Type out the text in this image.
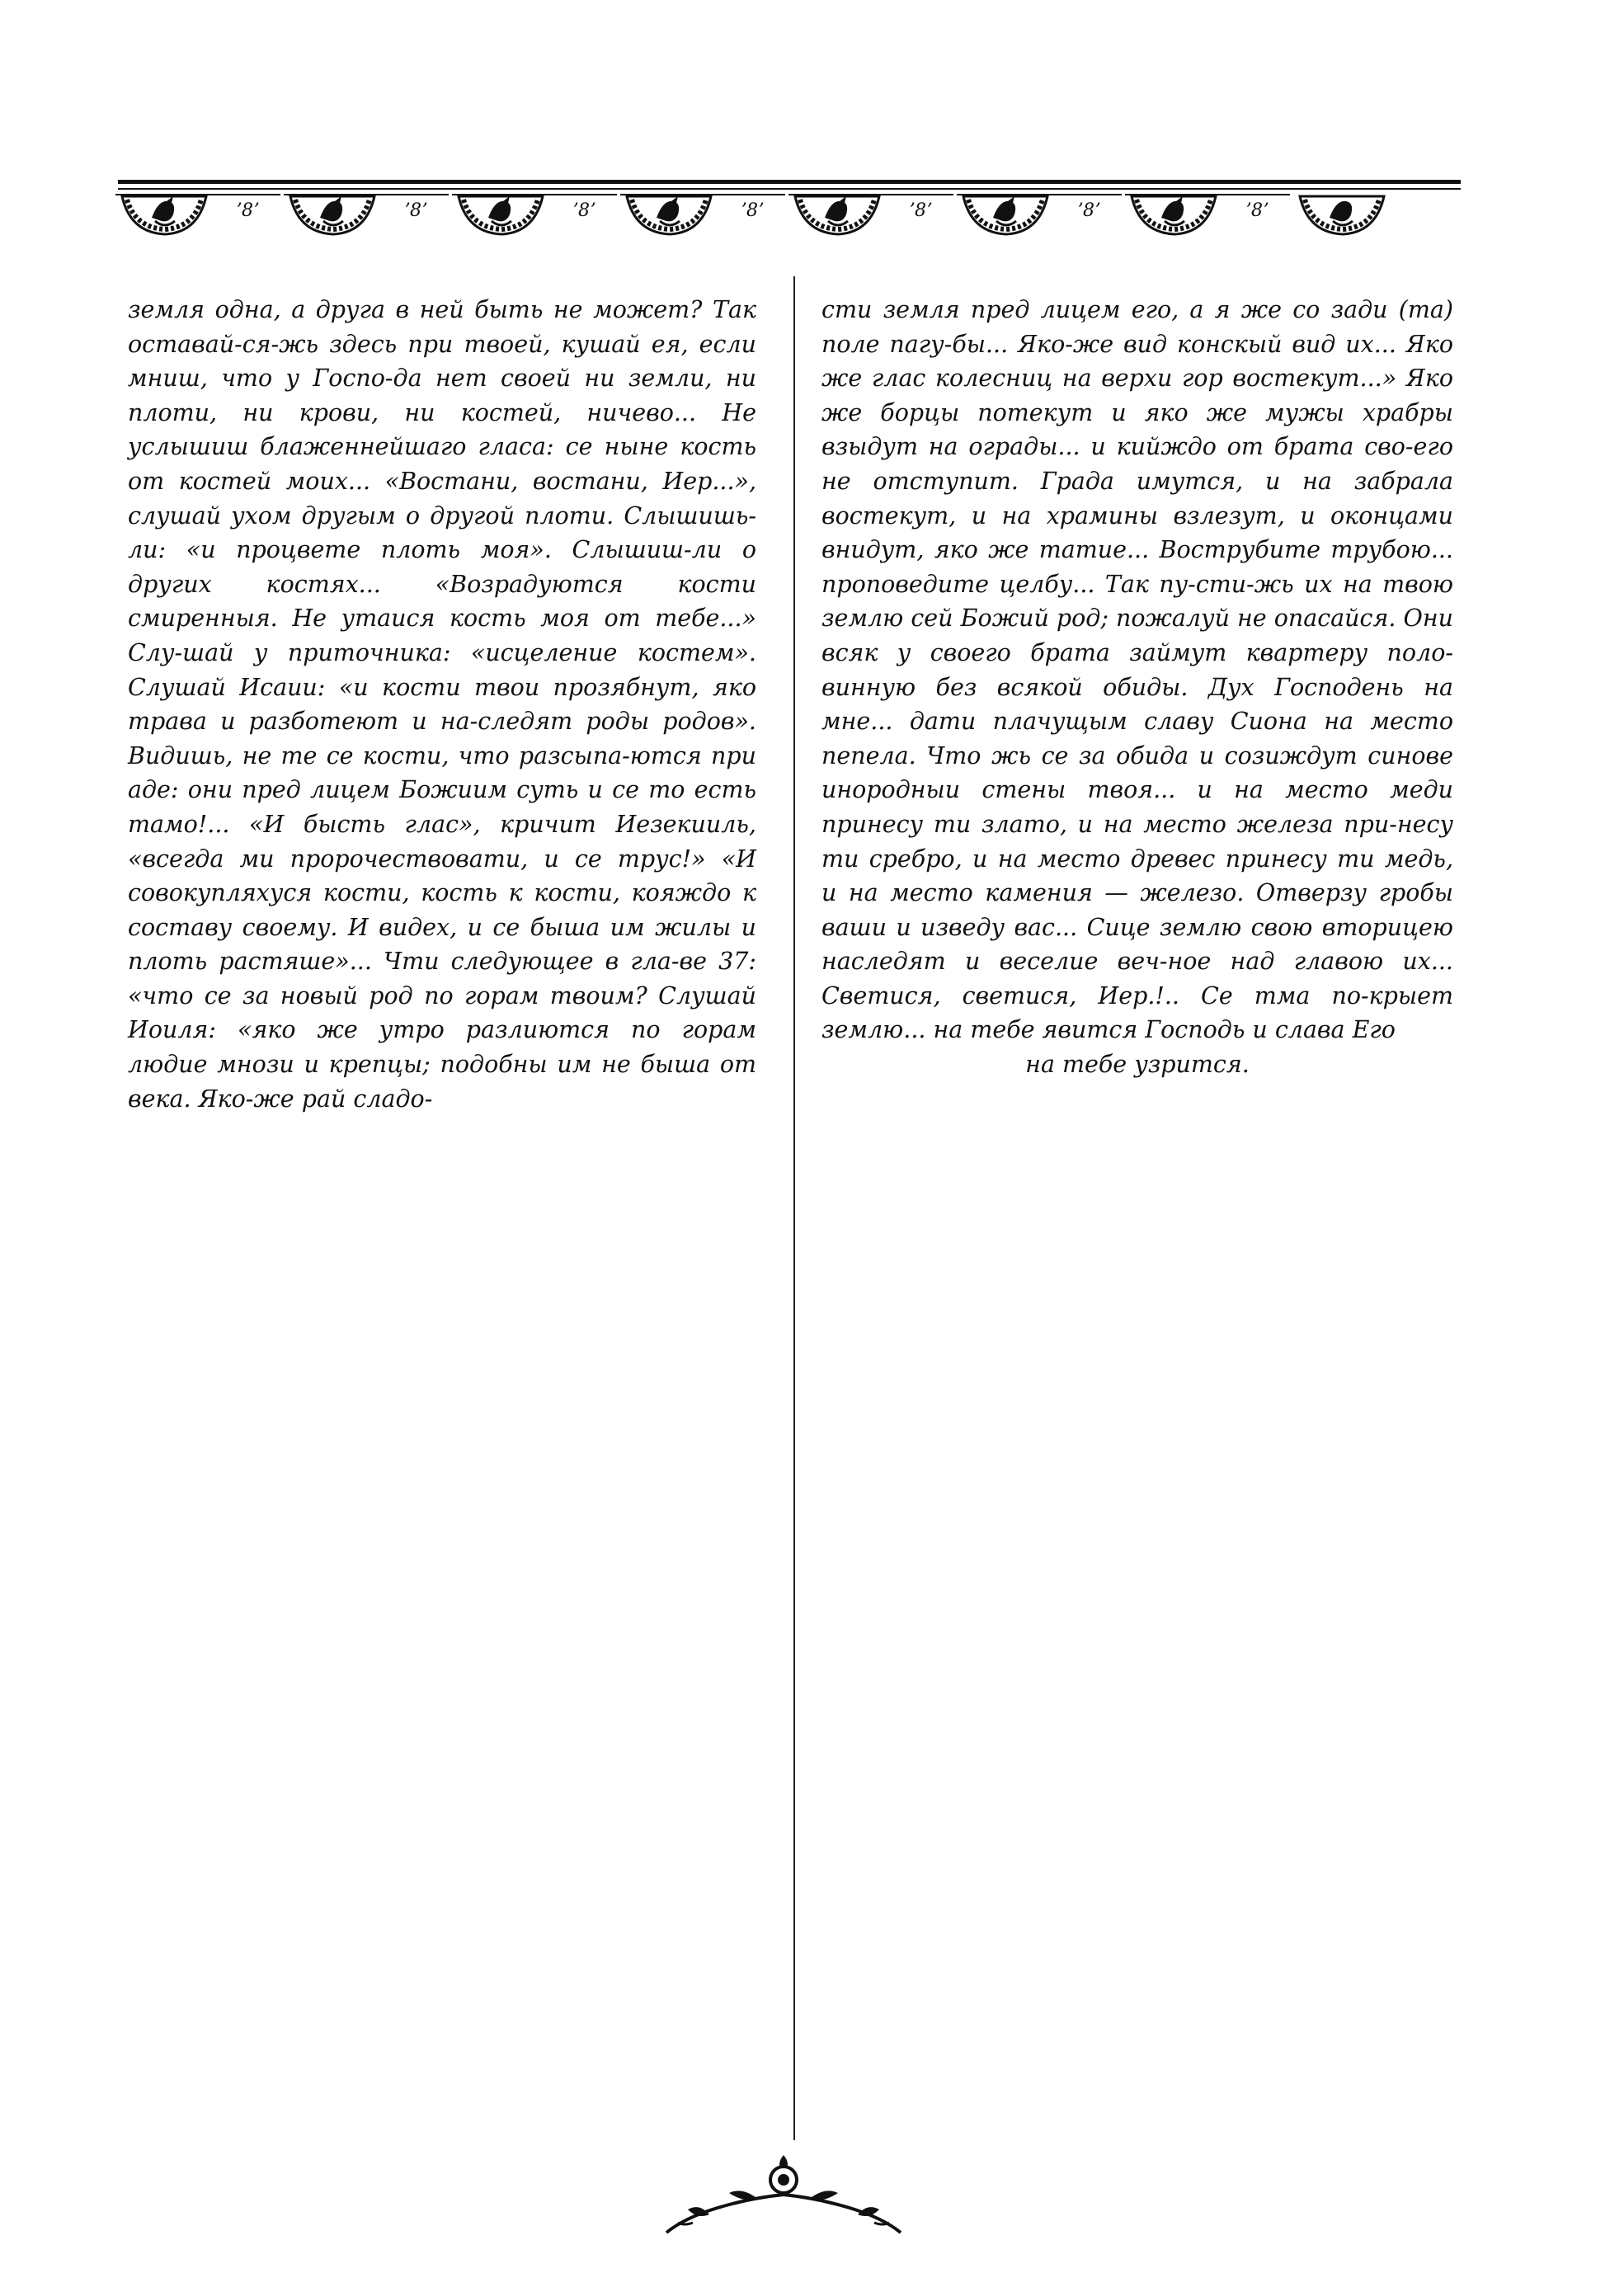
земля одна, а друга в ней быть не может? Так оставай-ся-жь здесь при твоей, кушай ея, если мниш, что у Госпо-да нет своей ни земли, ни плоти, ни крови, ни костей, ничево... Не услышиш блаженнейшаго гласа: се ныне кость от костей моих... «Востани, востани, Иер...», слушай ухом другым о другой плоти. Слышишь-ли: «и процвете плоть моя». Слышиш-ли о других костях... «Возрадуются кости смиренныя. Не утаися кость моя от тебе...» Слу-шай у приточника: «исцеление костем». Слушай Исаии: «и кости твои прозябнут, яко трава и разботеют и на-следят роды родов». Видишь, не те се кости, что разсыпа-ются при аде: они пред лицем Божиим суть и се то есть тамо!... «И бысть глас», кричит Иезекииль, «всегда ми пророчествовати, и се трус!» «И совокупляхуся кости, кость к кости, кояждо к составу своему. И видех, и се быша им жилы и плоть растяше»... Чти следующее в гла-ве 37: «что се за новый род по горам твоим? Слушай Иоиля: «яко же утро разлиются по горам людие мнози и крепцы; подобны им не быша от века. Яко-же рай сладо-

сти земля пред лицем его, а я же со зади (та) поле пагу-бы... Яко-же вид конскый вид их... Яко же глас колесниц на верхи гор востекут...» Яко же борцы потекут и яко же мужы храбры взыдут на ограды... и кийждо от брата сво-его не отступит. Града имутся, и на забрала востекут, и на храмины взлезут, и оконцами внидут, яко же татие... Вострубите трубою... проповедите целбу... Так пу-сти-жь их на твою землю сей Божий род; пожалуй не опасайся. Они всяк у своего брата займут квартеру поло-винную без всякой обиды. Дух Господень на мне... дати плачущым славу Сиона на место пепела. Что жь се за обида и созиждут синове инородныи стены твоя... и на место меди принесу ти злато, и на место железа при-несу ти сребро, и на место древес принесу ти медь, и на место камения — железо. Отверзу гробы ваши и изведу вас... Сице землю свою вторицею наследят и веселие веч-ное над главою их... Светися, светися, Иер.!.. Се тма по-крыет землю... на тебе явится Господь и слава Его

на тебе узрится.
